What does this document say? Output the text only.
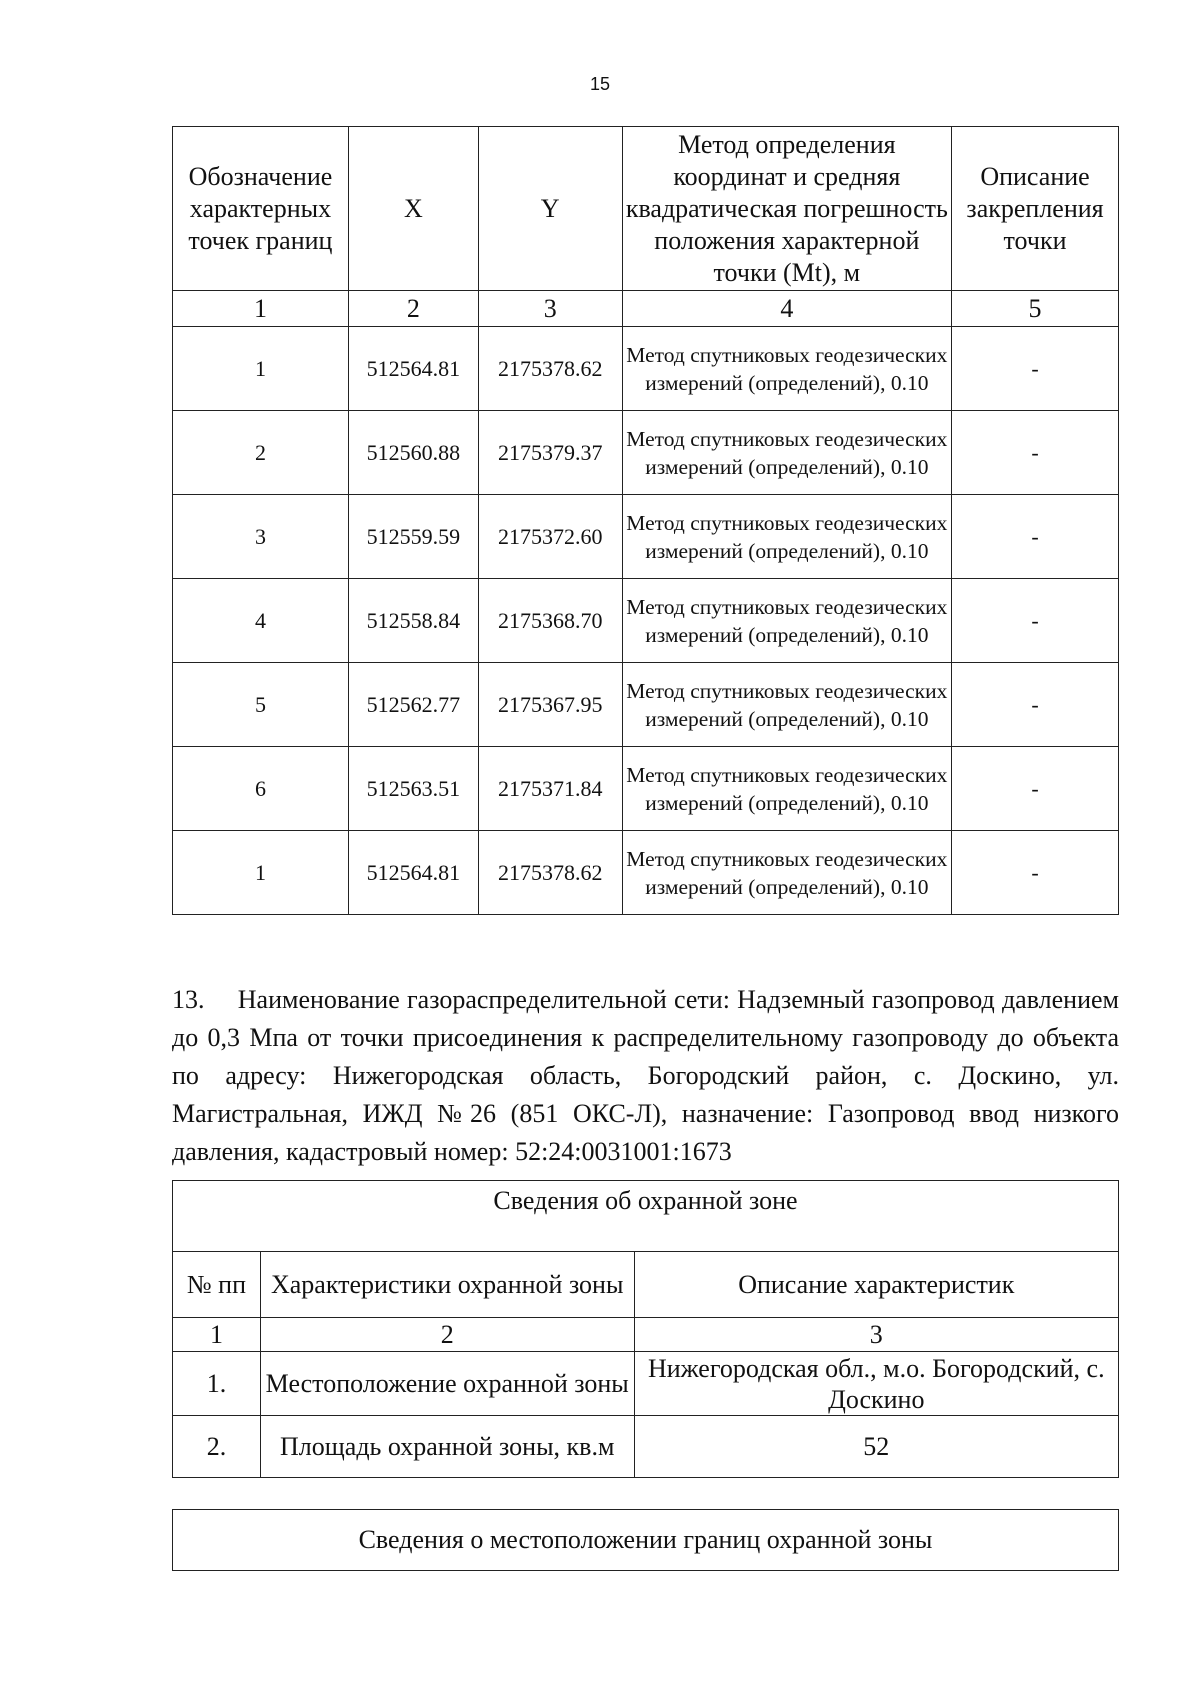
15
Обозначение характерных точек границ	X	Y	Метод определения координат и средняя квадратическая погрешность положения характерной точки (Mt), м	Описание закрепления точки
1	2	3	4	5
1	512564.81	2175378.62	Метод спутниковых геодезических измерений (определений), 0.10	-
2	512560.88	2175379.37	Метод спутниковых геодезических измерений (определений), 0.10	-
3	512559.59	2175372.60	Метод спутниковых геодезических измерений (определений), 0.10	-
4	512558.84	2175368.70	Метод спутниковых геодезических измерений (определений), 0.10	-
5	512562.77	2175367.95	Метод спутниковых геодезических измерений (определений), 0.10	-
6	512563.51	2175371.84	Метод спутниковых геодезических измерений (определений), 0.10	-
1	512564.81	2175378.62	Метод спутниковых геодезических измерений (определений), 0.10	-

13.  Наименование газораспределительной сети: Надземный газопровод давлением до 0,3 Мпа от точки присоединения к распределительному газопроводу до объекта по адресу: Нижегородская область, Богородский район, с. Доскино, ул. Магистральная, ИЖД №26 (851 ОКС-Л), назначение: Газопровод ввод низкого давления, кадастровый номер: 52:24:0031001:1673

Сведения об охранной зоне		
№ пп	Характеристики охранной зоны	Описание характеристик
1	2	3
1.	Местоположение охранной зоны	Нижегородская обл., м.о. Богородский, с. Доскино
2.	Площадь охранной зоны, кв.м	52
Сведения о местоположении границ охранной зоны
